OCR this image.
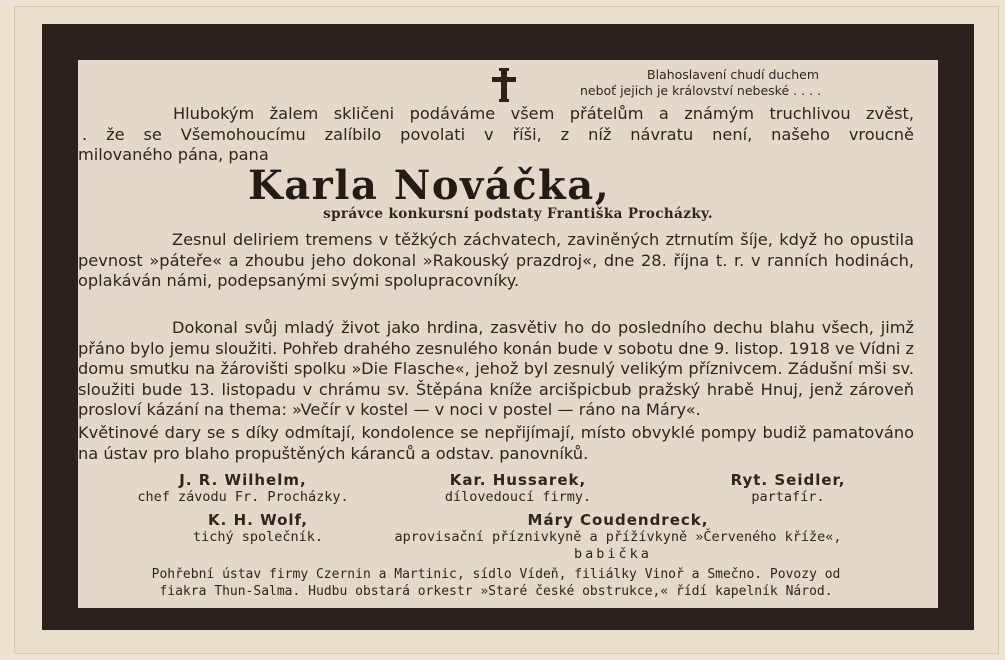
Blahoslavení chudí duchem
neboť jejich je království nebeské . . . .
Hlubokým žalem skličeni podáváme všem přátelům a známým truchlivou zvěst,
. že se Všemohoucímu zalíbilo povolati v říši, z níž návratu není, našeho vroucně
milovaného pána, pana
Karla Nováčka,
správce konkursní podstaty Františka Procházky.
Zesnul deliriem tremens v těžkých záchvatech, zaviněných ztrnutím šíje, když ho opustila pevnost »páteře« a zhoubu jeho dokonal »Rakouský prazdroj«, dne 28. října t. r. v ranních hodinách, oplakáván námi, podepsanými svými spolupracovníky.
Dokonal svůj mladý život jako hrdina, zasvětiv ho do posledního dechu blahu všech, jimž přáno bylo jemu sloužiti. Pohřeb drahého zesnulého konán bude v sobotu dne 9. listop. 1918 ve Vídni z domu smutku na žárovišti spolku »Die Flasche«, jehož byl zesnulý velikým příznivcem. Zádušní mši sv. sloužiti bude 13. listopadu v chrámu sv. Štěpána kníže arcišpicbub pražský hrabě Hnuj, jenž zároveň prosloví kázání na thema: »Večír v kostel — v noci v postel — ráno na Máry«.
Květinové dary se s díky odmítají, kondolence se nepřijímají, místo obvyklé pompy budiž pamatováno na ústav pro blaho propuštěných káranců a odstav. panovníků.
J. R. Wilhelm,
chef závodu Fr. Procházky.
Kar. Hussarek,
dílovedoucí firmy.
Ryt. Seidler,
partafír.
K. H. Wolf,
tichý společník.
Máry Coudendreck,
aprovisační příznivkyně a přížívkyně »Červeného kříže«,
babička
Pohřební ústav firmy Czernin a Martinic, sídlo Vídeň, filiálky Vinoř a Smečno. Povozy od
fiakra Thun-Salma. Hudbu obstará orkestr »Staré české obstrukce,« řídí kapelník Národ.
